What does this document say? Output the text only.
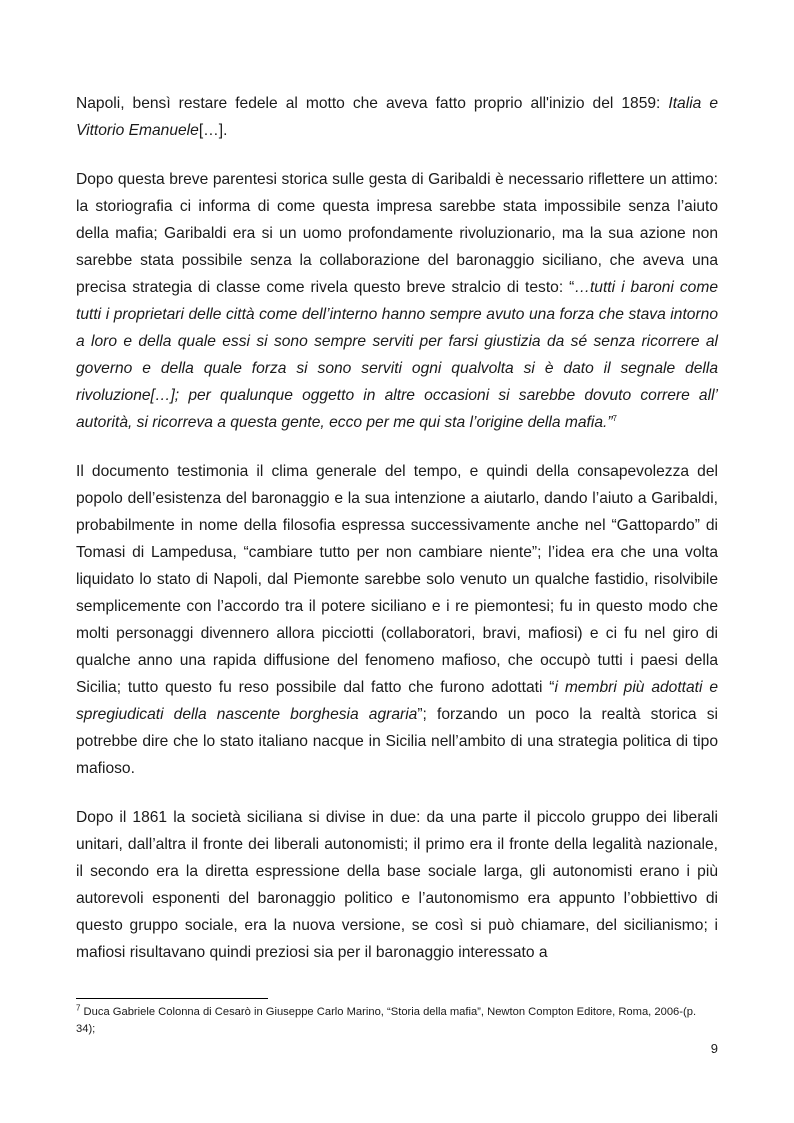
Napoli, bensì restare fedele al motto che aveva fatto proprio all'inizio del 1859: Italia e Vittorio Emanuele[…].

Dopo questa breve parentesi storica sulle gesta di Garibaldi è necessario riflettere un attimo: la storiografia ci informa di come questa impresa sarebbe stata impossibile senza l’aiuto della mafia; Garibaldi era si un uomo profondamente rivoluzionario, ma la sua azione non sarebbe stata possibile senza la collaborazione del baronaggio siciliano, che aveva una precisa strategia di classe come rivela questo breve stralcio di testo: “…tutti i baroni come tutti i proprietari delle città come dell’interno hanno sempre avuto una forza che stava intorno a loro e della quale essi si sono sempre serviti per farsi giustizia da sé senza ricorrere al governo e della quale forza si sono serviti ogni qualvolta si è dato il segnale della rivoluzione[…]; per qualunque oggetto in altre occasioni si sarebbe dovuto correre all’ autorità, si ricorreva a questa gente, ecco per me qui sta l’origine della mafia.”$^7$

Il documento testimonia il clima generale del tempo, e quindi della consapevolezza del popolo dell’esistenza del baronaggio e la sua intenzione a aiutarlo, dando l’aiuto a Garibaldi, probabilmente in nome della filosofia espressa successivamente anche nel “Gattopardo” di Tomasi di Lampedusa, “cambiare tutto per non cambiare niente”; l’idea era che una volta liquidato lo stato di Napoli, dal Piemonte sarebbe solo venuto un qualche fastidio, risolvibile semplicemente con l’accordo tra il potere siciliano e i re piemontesi; fu in questo modo che molti personaggi divennero allora picciotti (collaboratori, bravi, mafiosi) e ci fu nel giro di qualche anno una rapida diffusione del fenomeno mafioso, che occupò tutti i paesi della Sicilia; tutto questo fu reso possibile dal fatto che furono adottati “i membri più adottati e spregiudicati della nascente borghesia agraria”; forzando un poco la realtà storica si potrebbe dire che lo stato italiano nacque in Sicilia nell’ambito di una strategia politica di tipo mafioso.

Dopo il 1861 la società siciliana si divise in due: da una parte il piccolo gruppo dei liberali unitari, dall’altra il fronte dei liberali autonomisti; il primo era il fronte della legalità nazionale, il secondo era la diretta espressione della base sociale larga, gli autonomisti erano i più autorevoli esponenti del baronaggio politico e l’autonomismo era appunto l’obbiettivo di questo gruppo sociale, era la nuova versione, se così si può chiamare, del sicilianismo; i mafiosi risultavano quindi preziosi sia per il baronaggio interessato a

$^7$ Duca Gabriele Colonna di Cesarò in Giuseppe Carlo Marino, “Storia della mafia”, Newton Compton Editore, Roma, 2006-(p. 34);

9
